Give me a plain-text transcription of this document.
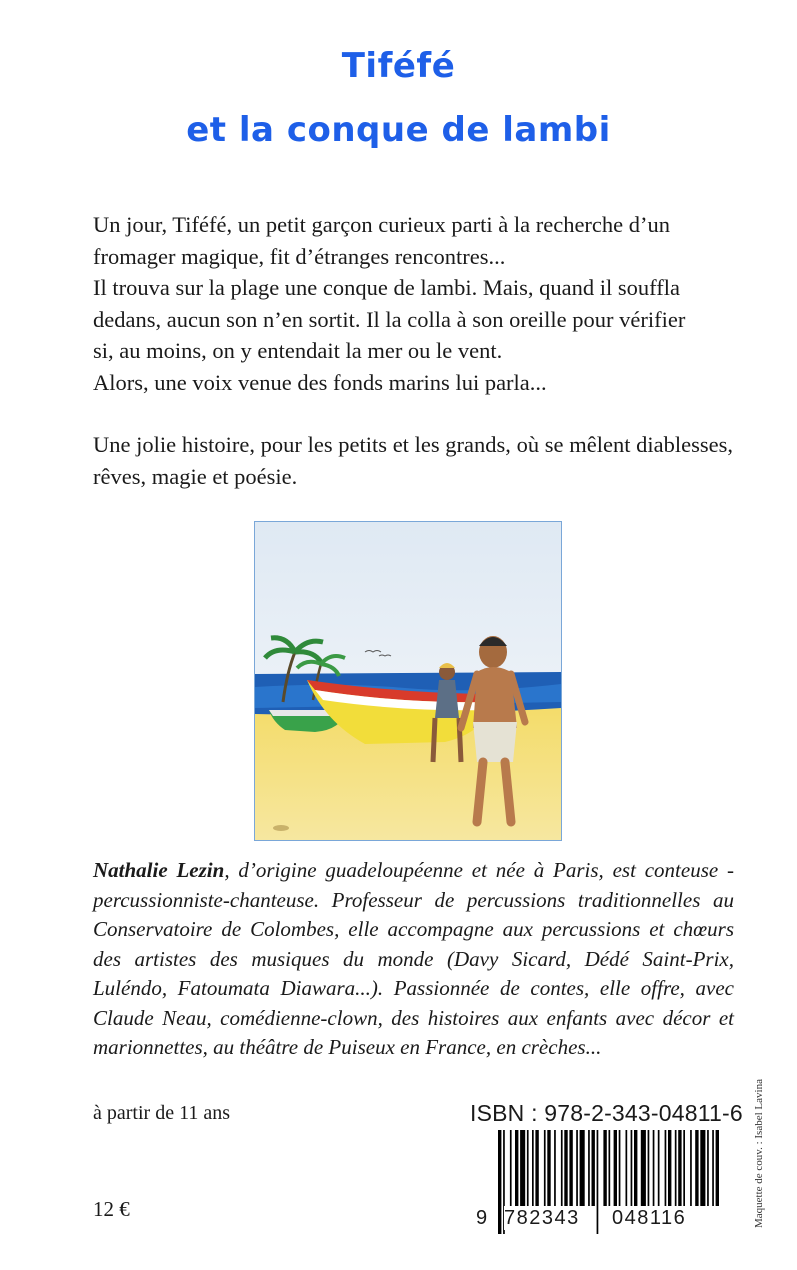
Tiféfé
et la conque de lambi

Un jour, Tiféfé, un petit garçon curieux parti à la recherche d’un

fromager magique, fit d’étranges rencontres...

Il trouva sur la plage une conque de lambi. Mais, quand il souffla

dedans, aucun son n’en sortit. Il la colla à son oreille pour vérifier

si, au moins, on y entendait la mer ou le vent.

Alors, une voix venue des fonds marins lui parla...

Une jolie histoire, pour les petits et les grands, où se mêlent diablesses, rêves, magie et poésie.

Nathalie Lezin, d’origine guadeloupéenne et née à Paris, est conteuse - percussionniste-chanteuse. Professeur de percussions traditionnelles au Conservatoire de Colombes, elle accompagne aux percussions et chœurs des artistes des musiques du monde (Davy Sicard, Dédé Saint-Prix, Luléndo, Fatoumata Diawara...). Passionnée de contes, elle offre, avec Claude Neau, comédienne-clown, des histoires aux enfants avec décor et marionnettes, au théâtre de Puiseux en France, en crèches...
à partir de 11 ans
12 €
ISBN : 978-2-343-04811-6
9 782343 048116	Maquette de couv. : Isabel Lavina
